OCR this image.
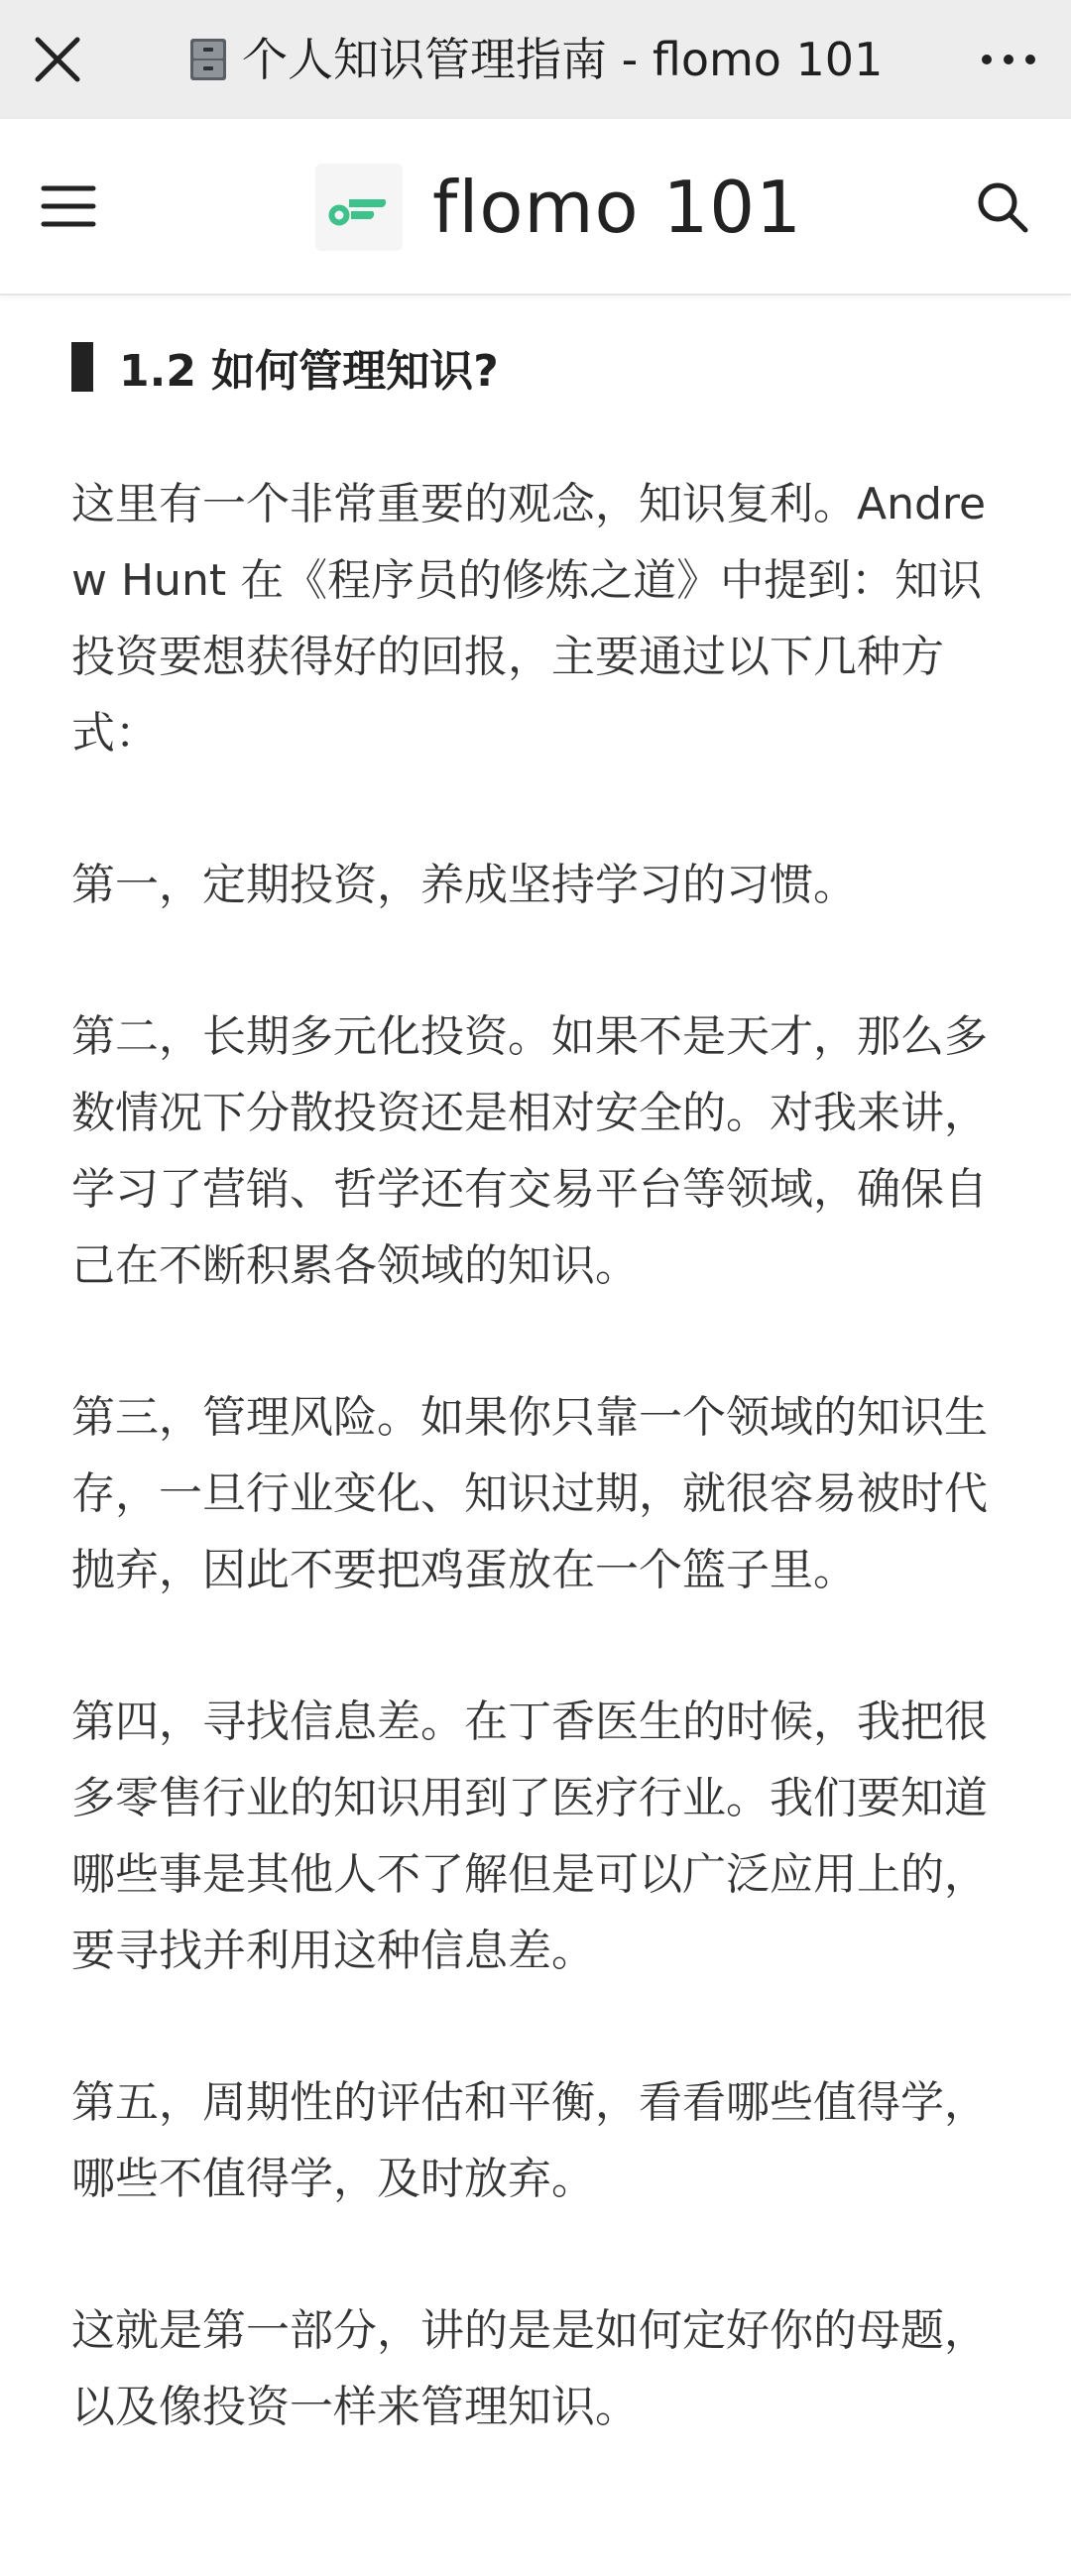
个人知识管理指南 - flomo 101
flomo 101
1.2 如何管理知识?

这里有一个非常重要的观念，知识复利。Andrew Hunt 在《程序员的修炼之道》中提到：知识投资要想获得好的回报，主要通过以下几种方式：

第一，定期投资，养成坚持学习的习惯。

第二，长期多元化投资。如果不是天才，那么多数情况下分散投资还是相对安全的。对我来讲，学习了营销、哲学还有交易平台等领域，确保自己在不断积累各领域的知识。

第三，管理风险。如果你只靠一个领域的知识生存，一旦行业变化、知识过期，就很容易被时代抛弃，因此不要把鸡蛋放在一个篮子里。

第四，寻找信息差。在丁香医生的时候，我把很多零售行业的知识用到了医疗行业。我们要知道哪些事是其他人不了解但是可以广泛应用上的，要寻找并利用这种信息差。

第五，周期性的评估和平衡，看看哪些值得学，哪些不值得学，及时放弃。

这就是第一部分，讲的是是如何定好你的母题，以及像投资一样来管理知识。
